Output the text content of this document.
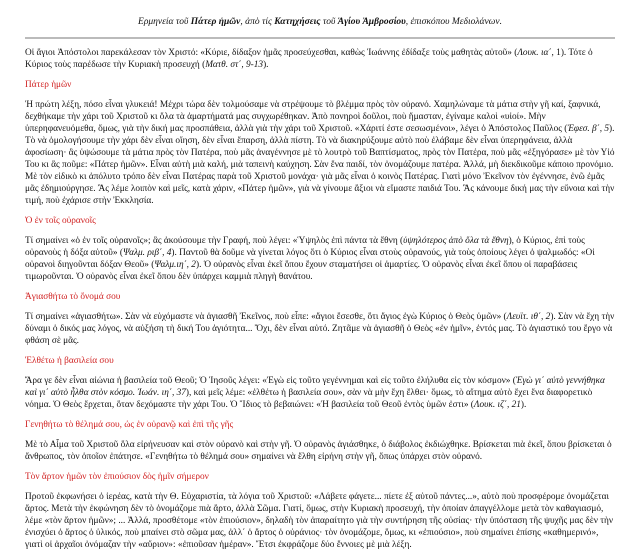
Ερμηνεία τοῦ Πάτερ ἡμῶν, ἀπὸ τίς Κατηχήσεις τοῦ Ἁγίου Ἀμβροσίου, ἐπισκόπου Μεδιολάνων.

Οἱ ἅγιοι Ἀπόστολοι παρεκάλεσαν τὸν Χριστό: «Κύριε, δίδαξον ἡμᾶς προσεύχεσθαι, καθὼς Ἰωάννης ἐδίδαξε τοὺς μαθητὰς αὐτοῦ» (Λουκ. ια΄, 1). Τότε ὁ Κύριος τοὺς παρέδωσε τὴν Κυριακὴ προσευχή (Ματθ. στ΄, 9-13).

Πάτερ ἡμῶν

Ἡ πρώτη λέξη, πόσο εἶναι γλυκειά! Μέχρι τώρα δὲν τολμούσαμε νὰ στρέψουμε τὸ βλέμμα πρὸς τὸν οὐρανό. Χαμηλώναμε τὰ μάτια στὴν γῆ καί, ξαφνικά, δεχθήκαμε τὴν χάρι τοῦ Χριστοῦ κι ὅλα τὰ ἁμαρτήματά μας συγχωρέθηκαν. Ἀπὸ πονηροὶ δοῦλοι, ποὺ ἤμασταν, ἐγίναμε καλοὶ «υἱοί». Μὴν ὑπερηφανευόμεθα, ὅμως, γιὰ τὴν δική μας προσπάθεια, ἀλλὰ γιὰ τὴν χάρι τοῦ Χριστοῦ. «Χάριτί ἐστε σεσωσμένοι», λέγει ὁ Ἀπόστολος Παῦλος (Ἐφεσ. β΄, 5). Τὸ νὰ ὁμολογήσουμε τὴν χάρι δὲν εἶναι οἴηση, δὲν εἶναι ἔπαρση, ἀλλὰ πίστη. Τὸ νὰ διακηρύξουμε αὐτὸ ποὺ ἐλάβαμε δὲν εἶναι ὑπερηφάνεια, ἀλλὰ ἀφοσίωση· ἂς ὑψώσουμε τὰ μάτια πρὸς τὸν Πατέρα, ποὺ μᾶς ἀναγέννησε μὲ τὸ λουτρὸ τοῦ Βαπτίσματος, πρὸς τὸν Πατέρα, ποὺ μᾶς «ἐξηγόρασε» μὲ τὸν Υἱό Του κι ἂς ποῦμε: «Πάτερ ἡμῶν». Εἶναι αὐτὴ μιὰ καλή, μιὰ ταπεινὴ καύχηση. Σὰν ἕνα παιδί, τὸν ὀνομάζουμε πατέρα. Ἀλλά, μὴ διεκδικοῦμε κάποιο προνόμιο. Μὲ τὸν εἰδικὸ κι ἀπόλυτο τρόπο δὲν εἶναι Πατέρας παρὰ τοῦ Χριστοῦ μονάχα· γιὰ μᾶς εἶναι ὁ κοινὸς Πατέρας. Γιατὶ μόνο Ἐκεῖνον τὸν ἐγέννησε, ἐνῶ ἐμᾶς μᾶς ἐδημιούργησε. Ἂς λέμε λοιπὸν καὶ μεῖς, κατὰ χάριν, «Πάτερ ἡμῶν», γιὰ νὰ γίνουμε ἄξιοι νὰ εἴμαστε παιδιά Του. Ἂς κάνουμε δική μας τὴν εὔνοια καὶ τὴν τιμή, ποὺ ἐχάρισε στὴν Ἐκκλησία.

Ὁ ἐν τοῖς οὐρανοῖς

Τί σημαίνει «ὁ ἐν τοῖς οὐρανοῖς»; ἂς ἀκούσουμε τὴν Γραφή, ποὺ λέγει: «Ὑψηλὸς ἐπὶ πάντα τὰ ἔθνη (ὑψηλότερος ἀπὸ ὅλα τὰ ἔθνη), ὁ Κύριος, ἐπὶ τοὺς οὐρανοὺς ἡ δόξα αὐτοῦ» (Ψαλμ. ριβ΄, 4). Παντοῦ θὰ δοῦμε νὰ γίνεται λόγος ὅτι ὁ Κύριος εἶναι στοὺς οὐρανούς, γιὰ τοὺς ὁποίους λέγει ὁ ψαλμωδός: «Οἱ οὐρανοὶ διηγοῦνται δόξαν Θεοῦ» (Ψαλμ.ιη΄, 2). Ὁ οὐρανὸς εἶναι ἐκεῖ ὅπου ἔχουν σταματήσει οἱ ἁμαρτίες. Ὁ οὐρανὸς εἶναι ἐκεῖ ὅπου οἱ παραβάσεις τιμωροῦνται. Ὁ οὐρανὸς εἶναι ἐκεῖ ὅπου δὲν ὑπάρχει καμμιὰ πληγὴ θανάτου.

Ἁγιασθήτω τὸ ὄνομά σου

Τί σημαίνει «ἁγιασθήτω». Σὰν νὰ εὐχόμαστε νὰ ἁγιασθῆ Ἐκεῖνος, ποὺ εἶπε: «ἅγιοι ἔσεσθε, ὅτι ἅγιος ἐγὼ Κύριος ὁ Θεὸς ὑμῶν» (Λευϊτ. ιθ΄, 2). Σὰν νὰ ἔχη τὴν δύναμι ὁ δικός μας λόγος, νὰ αὐξήση τὴ δική Του ἁγιότητα... Ὄχι, δὲν εἶναι αὐτό. Ζητᾶμε νὰ ἁγιασθῆ ὁ Θεὸς «ἐν ἡμῖν», ἐντός μας. Τὸ ἁγιαστικό του ἔργο νὰ φθάση σὲ μᾶς.

Ἐλθέτω ἡ βασιλεία σου

Ἄρα γε δὲν εἶναι αἰώνια ἡ βασιλεία τοῦ Θεοῦ; Ὁ Ἰησοῦς λέγει: «Ἐγὼ εἰς τοῦτο γεγέννημαι καὶ εἰς τοῦτο ἐλήλυθα εἰς τὸν κόσμον» (Ἐγὼ γι΄ αὐτὸ γεννήθηκα καὶ γι΄ αὐτὸ ἦλθα στὸν κόσμο. Ἰωάν. ιη΄, 37), καὶ μεῖς λέμε: «ἐλθέτω ἡ βασιλεία σου», σὰν νὰ μὴν ἔχη ἔλθει· ὅμως, τὸ αἴτημα αὐτὸ ἔχει ἕνα διαφορετικὸ νόημα. Ὁ Θεὸς ἔρχεται, ὅταν δεχόμαστε τὴν χάρι Του. Ὁ Ἴδιος τὸ βεβαιώνει: «Ἡ βασιλεία τοῦ Θεοῦ ἐντὸς ὑμῶν ἐστι» (Λουκ. ιζ΄, 21).

Γενηθήτω τὸ θέλημά σου, ὡς ἐν οὐρανῷ καὶ ἐπὶ τῆς γῆς

Μὲ τὸ Αἷμα τοῦ Χριστοῦ ὅλα εἰρήνευσαν καὶ στὸν οὐρανὸ καὶ στὴν γῆ. Ὁ οὐρανὸς ἁγιάσθηκε, ὁ διάβολος ἐκδιώχθηκε. Βρίσκεται πιὰ ἐκεῖ, ὅπου βρίσκεται ὁ ἄνθρωπος, τὸν ὁποῖον ἐπάτησε. «Γενηθήτω τὸ θέλημά σου» σημαίνει νὰ ἔλθη εἰρήνη στὴν γῆ, ὅπως ὑπάρχει στὸν οὐρανό.

Τὸν ἄρτον ἡμῶν τὸν ἐπιούσιον δὸς ἡμῖν σήμερον

Προτοῦ ἐκφωνήσει ὁ ἱερέας, κατὰ τὴν Θ. Εὐχαριστία, τὰ λόγια τοῦ Χριστοῦ: «Λάβετε φάγετε... πίετε ἐξ αὐτοῦ πάντες...», αὐτὸ ποὺ προσφέρομε ὀνομάζεται ἄρτος. Μετὰ τὴν ἐκφώνηση δὲν τὸ ὀνομάζομε πιὰ ἄρτο, ἀλλὰ Σῶμα. Γιατί, ὅμως, στὴν Κυριακὴ προσευχή, τὴν ὁποίαν ἀπαγγέλλομε μετὰ τὸν καθαγιασμό, λέμε «τὸν ἄρτον ἡμῶν»; ... Ἀλλά, προσθέτομε «τὸν ἐπιούσιον», δηλαδὴ τὸν ἀπαραίτητο γιὰ τὴν συντήρηση τῆς οὐσίας· τὴν ὑπόσταση τῆς ψυχῆς μας δὲν τὴν ἐνισχύει ὁ ἄρτος ὁ ὑλικός, ποὺ μπαίνει στὸ σῶμα μας, ἀλλ΄ ὁ ἄρτος ὁ οὐράνιος· τὸν ὀνομάζομε, ὅμως, κι «ἐπιούσιο», ποὺ σημαίνει ἐπίσης «καθημερινό», γιατὶ οἱ ἀρχαῖοι ὀνόμαζαν τὴν «αὔριον»: «ἐπιοῦσαν ἡμέραν». Ἔτσι ἐκφράζομε δύο ἔννοιες μὲ μιὰ λέξη.
